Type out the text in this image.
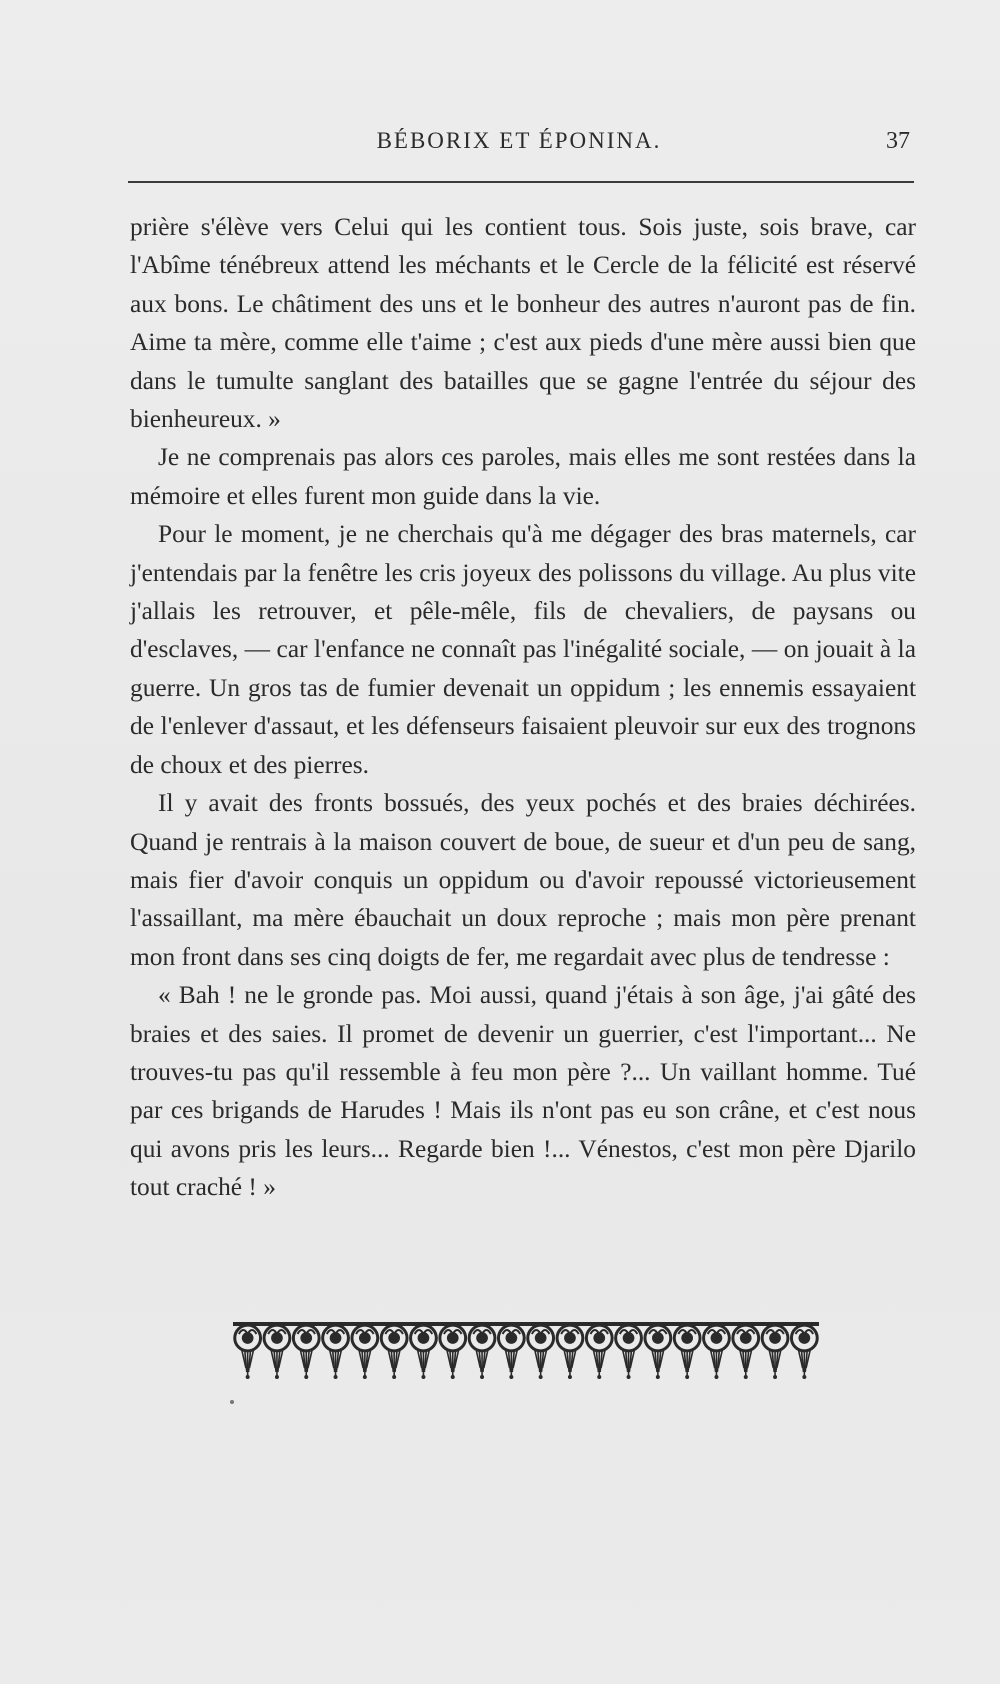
BÉBORIX ET ÉPONINA.	37

prière s'élève vers Celui qui les contient tous. Sois juste, sois brave, car l'Abîme ténébreux attend les méchants et le Cercle de la félicité est réservé aux bons. Le châtiment des uns et le bonheur des autres n'auront pas de fin. Aime ta mère, comme elle t'aime ; c'est aux pieds d'une mère aussi bien que dans le tumulte sanglant des batailles que se gagne l'entrée du séjour des bienheureux. »

Je ne comprenais pas alors ces paroles, mais elles me sont restées dans la mémoire et elles furent mon guide dans la vie.

Pour le moment, je ne cherchais qu'à me dégager des bras maternels, car j'entendais par la fenêtre les cris joyeux des polissons du village. Au plus vite j'allais les retrouver, et pêle-mêle, fils de chevaliers, de paysans ou d'esclaves, — car l'enfance ne connaît pas l'inégalité sociale, — on jouait à la guerre. Un gros tas de fumier devenait un oppidum ; les ennemis essayaient de l'enlever d'assaut, et les défenseurs faisaient pleuvoir sur eux des trognons de choux et des pierres.

Il y avait des fronts bossués, des yeux pochés et des braies déchirées. Quand je rentrais à la maison couvert de boue, de sueur et d'un peu de sang, mais fier d'avoir conquis un oppidum ou d'avoir repoussé victorieusement l'assaillant, ma mère ébauchait un doux reproche ; mais mon père prenant mon front dans ses cinq doigts de fer, me regardait avec plus de tendresse :

« Bah ! ne le gronde pas. Moi aussi, quand j'étais à son âge, j'ai gâté des braies et des saies. Il promet de devenir un guerrier, c'est l'important... Ne trouves-tu pas qu'il ressemble à feu mon père ?... Un vaillant homme. Tué par ces brigands de Harudes ! Mais ils n'ont pas eu son crâne, et c'est nous qui avons pris les leurs... Regarde bien !... Vénestos, c'est mon père Djarilo tout craché ! »
